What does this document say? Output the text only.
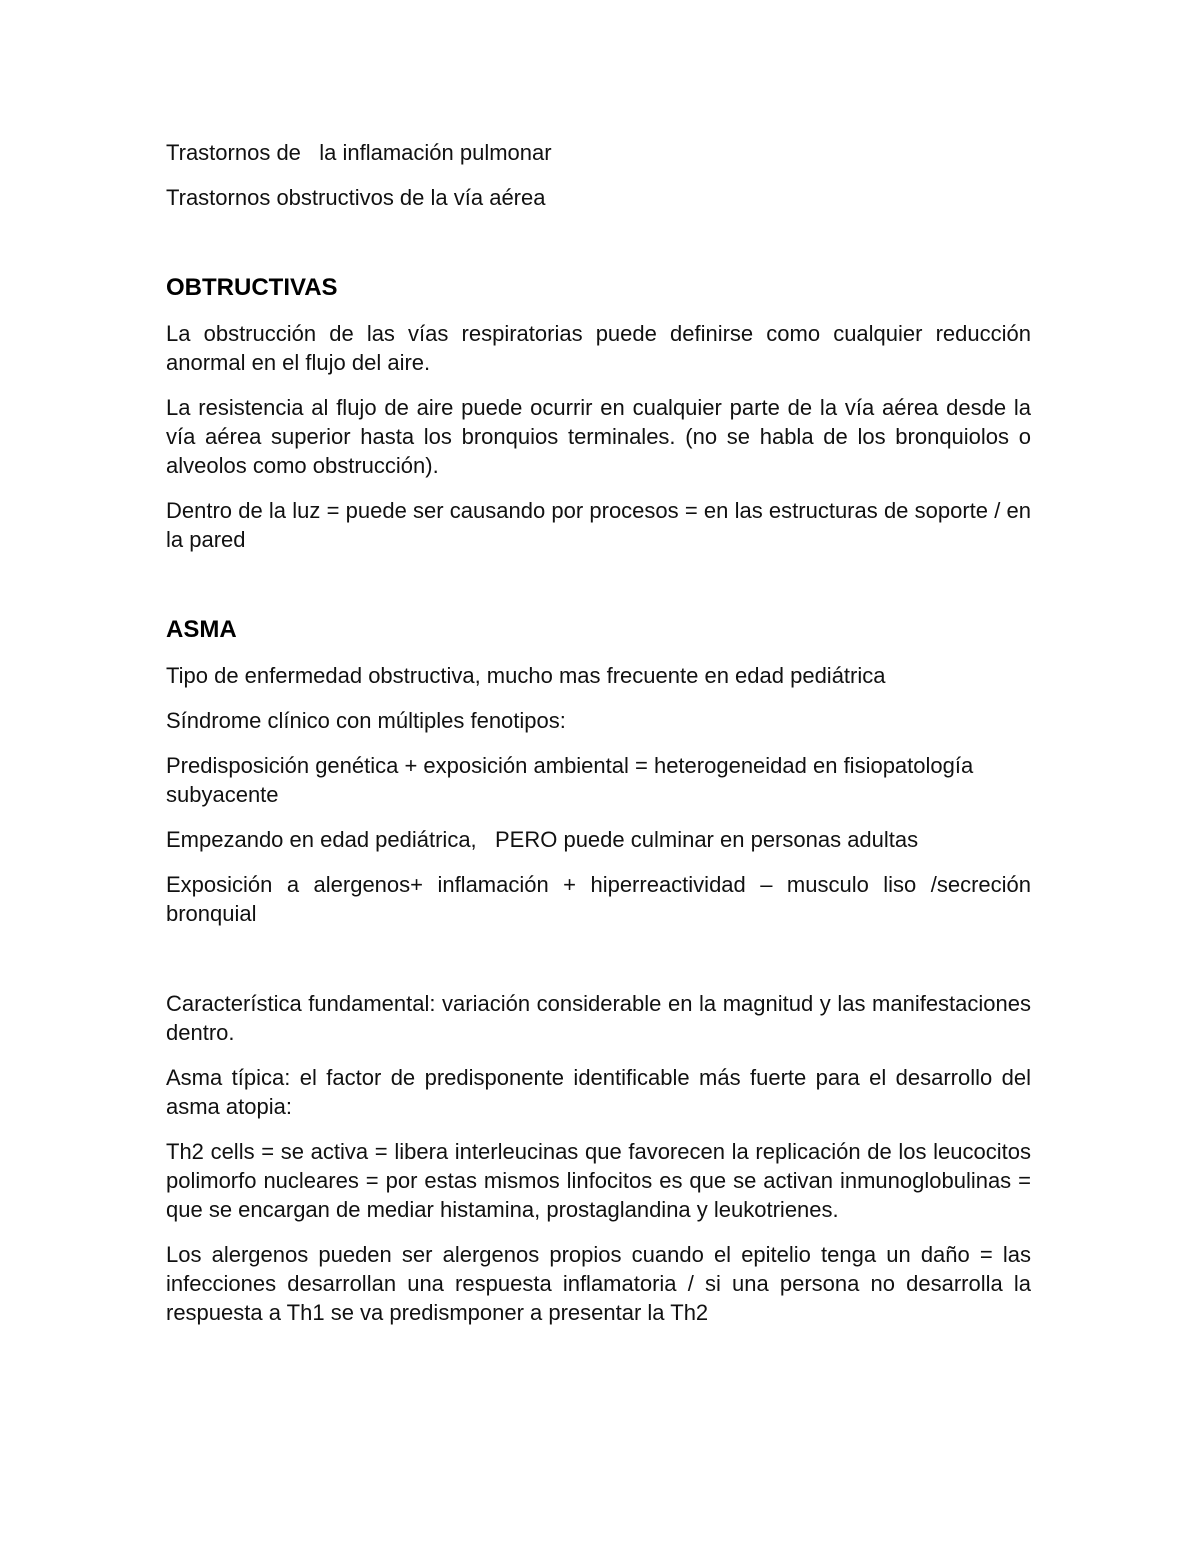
Trastornos de   la inflamación pulmonar

Trastornos obstructivos de la vía aérea

OBTRUCTIVAS

La obstrucción de las vías respiratorias puede definirse como cualquier reducción anormal en el flujo del aire.

La resistencia al flujo de aire puede ocurrir en cualquier parte de la vía aérea desde la vía aérea superior hasta los bronquios terminales. (no se habla de los bronquiolos o alveolos como obstrucción).

Dentro de la luz = puede ser causando por procesos = en las estructuras de soporte / en la pared

ASMA

Tipo de enfermedad obstructiva, mucho mas frecuente en edad pediátrica

Síndrome clínico con múltiples fenotipos:

Predisposición genética + exposición ambiental = heterogeneidad en fisiopatología subyacente

Empezando en edad pediátrica,   PERO puede culminar en personas adultas

Exposición a alergenos+ inflamación + hiperreactividad – musculo liso /secreción bronquial

Característica fundamental: variación considerable en la magnitud y las manifestaciones dentro.

Asma típica: el factor de predisponente identificable más fuerte para el desarrollo del asma atopia:

Th2 cells = se activa = libera interleucinas que favorecen la replicación de los leucocitos polimorfo nucleares = por estas mismos linfocitos es que se activan inmunoglobulinas = que se encargan de mediar histamina, prostaglandina y leukotrienes.

Los alergenos pueden ser alergenos propios cuando el epitelio tenga un daño = las infecciones desarrollan una respuesta inflamatoria / si una persona no desarrolla la respuesta a Th1 se va predismponer a presentar la Th2
